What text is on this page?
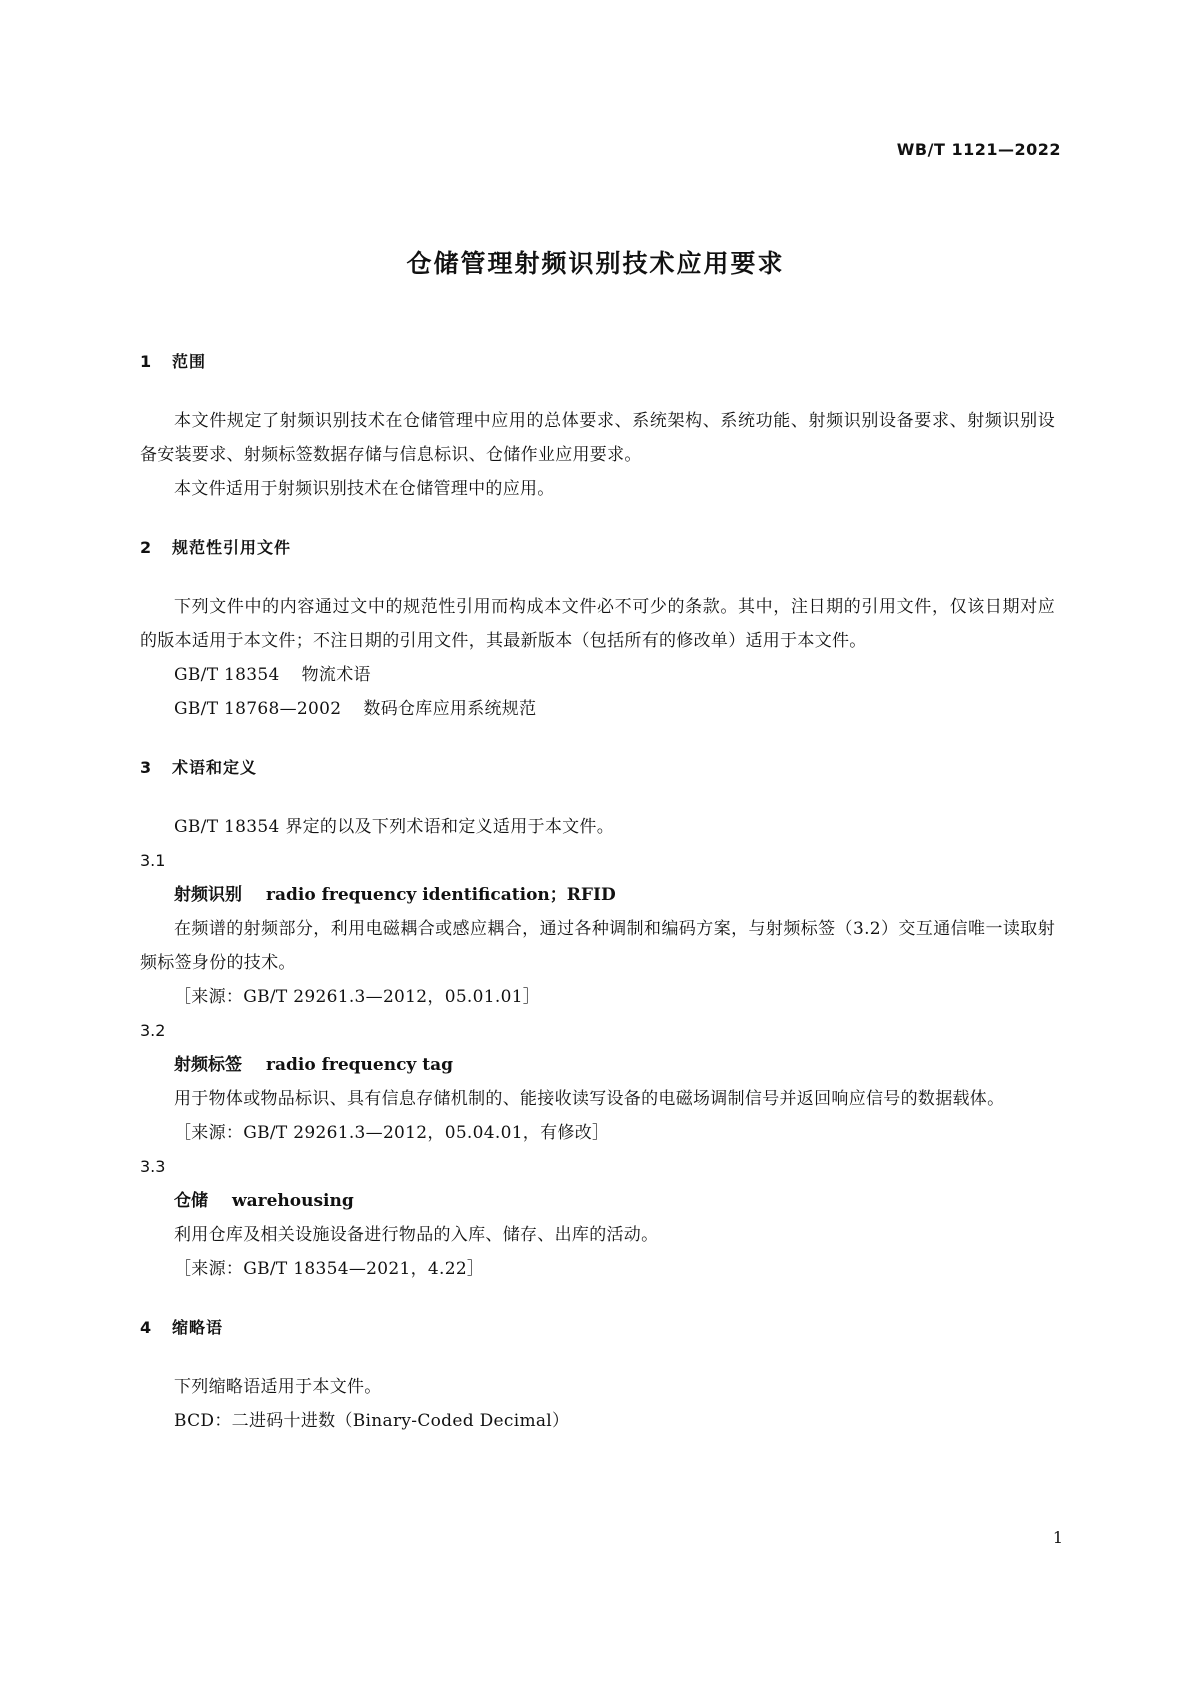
WB/T 1121—2022
仓储管理射频识别技术应用要求
1 范围
本文件规定了射频识别技术在仓储管理中应用的总体要求、系统架构、系统功能、射频识别设备要求、射频识别设备安装要求、射频标签数据存储与信息标识、仓储作业应用要求。
本文件适用于射频识别技术在仓储管理中的应用。
2 规范性引用文件
下列文件中的内容通过文中的规范性引用而构成本文件必不可少的条款。其中，注日期的引用文件，仅该日期对应的版本适用于本文件；不注日期的引用文件，其最新版本（包括所有的修改单）适用于本文件。
GB/T 18354 物流术语
GB/T 18768—2002 数码仓库应用系统规范
3 术语和定义
GB/T 18354 界定的以及下列术语和定义适用于本文件。
3.1
射频识别 radio frequency identification；RFID
在频谱的射频部分，利用电磁耦合或感应耦合，通过各种调制和编码方案，与射频标签（3.2）交互通信唯一读取射频标签身份的技术。
［来源：GB/T 29261.3—2012，05.01.01］
3.2
射频标签 radio frequency tag
用于物体或物品标识、具有信息存储机制的、能接收读写设备的电磁场调制信号并返回响应信号的数据载体。
［来源：GB/T 29261.3—2012，05.04.01，有修改］
3.3
仓储 warehousing
利用仓库及相关设施设备进行物品的入库、储存、出库的活动。
［来源：GB/T 18354—2021，4.22］
4 缩略语
下列缩略语适用于本文件。
BCD：二进码十进数（Binary-Coded Decimal）
1
